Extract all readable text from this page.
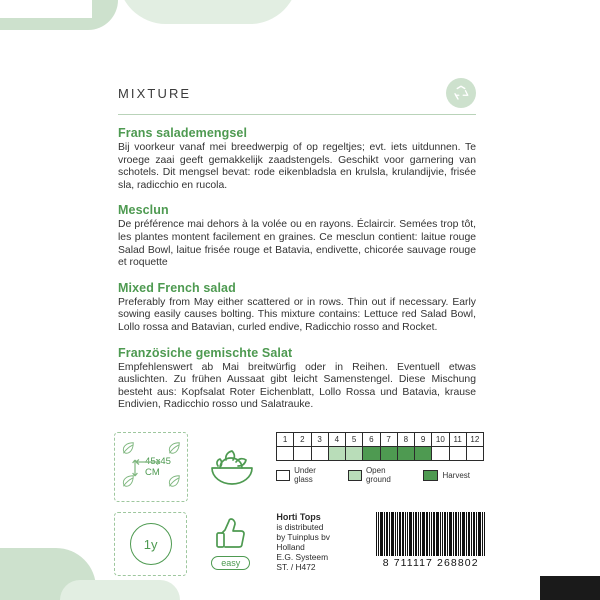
MIXTURE
Frans salademengsel

Bij voorkeur vanaf mei breedwerpig of op regeltjes; evt. iets uitdunnen. Te vroege zaai geeft gemakkelijk zaadstengels. Geschikt voor garnering van schotels. Dit mengsel bevat: rode eikenbladsla en krulsla, krulandijvie, frisée sla, radicchio en rucola.

Mesclun

De préférence mai dehors à la volée ou en rayons. Éclaircir. Semées trop tôt, les plantes montent facilement en graines. Ce mesclun contient: laitue rouge Salad Bowl, laitue frisée rouge et Batavia, endivette, chicorée sauvage rouge et roquette

Mixed French salad

Preferably from May either scattered or in rows. Thin out if necessary. Early sowing easily causes bolting. This mixture contains: Lettuce red Salad Bowl, Lollo rossa and Batavian, curled endive, Radicchio rosso and Rocket.

Französiche gemischte Salat

Empfehlenswert ab Mai breitwürfig oder in Reihen. Eventuell etwas auslichten. Zu frühen Aussaat gibt leicht Samenstengel. Diese Mischung besteht aus: Kopfsalat Roter Eichenblatt, Lollo Rossa und Batavia, krause Endivien, Radicchio rosso und Salatrauke.

45x45
CM
1	2	3	4	5	6	7	8	9	10	11	12

Under glass
Open ground	Harvest
1y
easy
Horti Tops
is distributed
by Tuinplus bv
Holland
E.G. Systeem
ST. / H472	8 711117 268802
